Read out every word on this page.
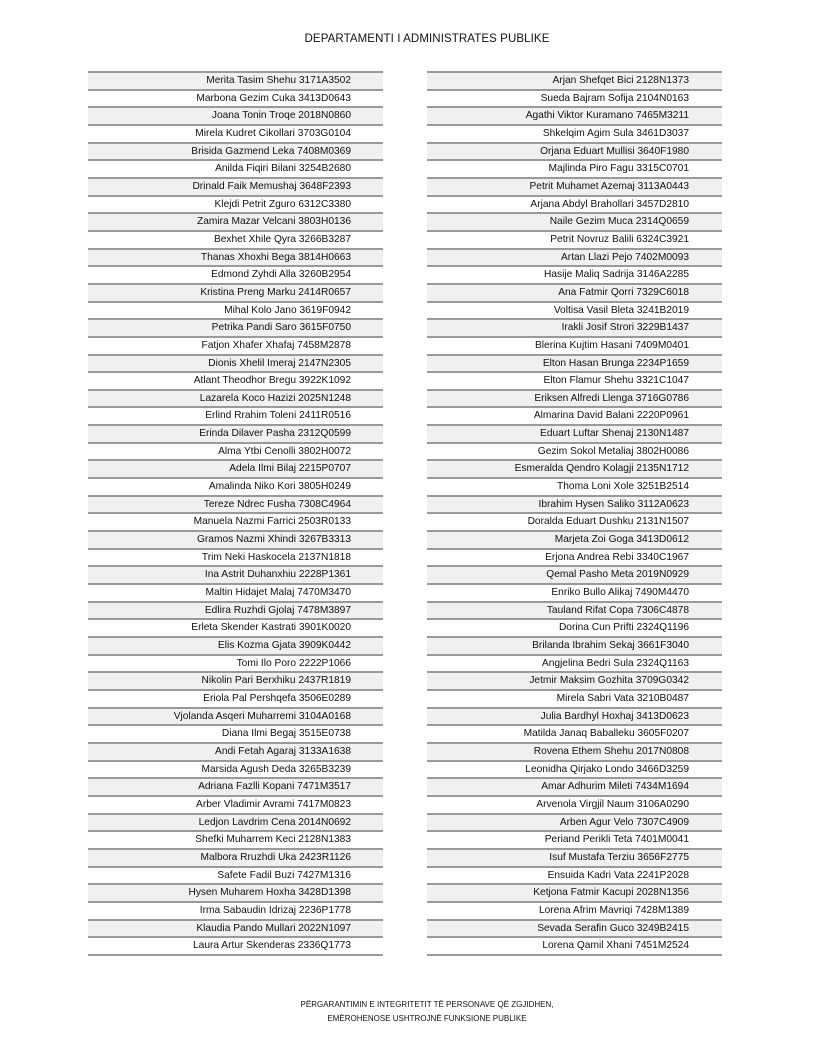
DEPARTAMENTI I ADMINISTRATES PUBLIKE
Merita Tasim Shehu 3171A3502
Marbona Gezim Cuka 3413D0643
Joana Tonin Troqe 2018N0860
Mirela Kudret Cikollari 3703G0104
Brisida Gazmend Leka 7408M0369
Anilda Fiqiri Bilani 3254B2680
Drinald Faik Memushaj 3648F2393
Klejdi Petrit Zguro 6312C3380
Zamira Mazar Velcani 3803H0136
Bexhet Xhile Qyra 3266B3287
Thanas Xhoxhi Bega 3814H0663
Edmond Zyhdi Alla 3260B2954
Kristina Preng Marku 2414R0657
Mihal Kolo Jano 3619F0942
Petrika Pandi Saro 3615F0750
Fatjon Xhafer Xhafaj 7458M2878
Dionis Xhelil Imeraj 2147N2305
Atlant Theodhor Bregu 3922K1092
Lazarela Koco Hazizi 2025N1248
Erlind Rrahim Toleni 2411R0516
Erinda Dilaver Pasha 2312Q0599
Alma Ytbi Cenolli 3802H0072
Adela Ilmi Bilaj 2215P0707
Amalinda Niko Kori 3805H0249
Tereze Ndrec Fusha 7308C4964
Manuela Nazmi Farrici 2503R0133
Gramos Nazmi Xhindi 3267B3313
Trim Neki Haskocela 2137N1818
Ina Astrit Duhanxhiu 2228P1361
Maltin Hidajet Malaj 7470M3470
Edlira Ruzhdi Gjolaj 7478M3897
Erleta Skender Kastrati 3901K0020
Elis Kozma Gjata 3909K0442
Tomi Ilo Poro 2222P1066
Nikolin Pari Berxhiku 2437R1819
Eriola Pal Pershqefa 3506E0289
Vjolanda Asqeri Muharremi 3104A0168
Diana Ilmi Begaj 3515E0738
Andi Fetah Agaraj 3133A1638
Marsida Agush Deda 3265B3239
Adriana Fazlli Kopani 7471M3517
Arber Vladimir Avrami 7417M0823
Ledjon Lavdrim Cena 2014N0692
Shefki Muharrem Keci 2128N1383
Malbora Rruzhdi Uka 2423R1126
Safete Fadil Buzi 7427M1316
Hysen Muharem Hoxha 3428D1398
Irma Sabaudin Idrizaj 2236P1778
Klaudia Pando Mullari 2022N1097
Laura Artur Skenderas 2336Q1773
Arjan Shefqet Bici 2128N1373
Sueda Bajram Sofija 2104N0163
Agathi Viktor Kuramano 7465M3211
Shkelqim Agim Sula 3461D3037
Orjana Eduart Mullisi 3640F1980
Majlinda Piro Fagu 3315C0701
Petrit Muhamet Azemaj 3113A0443
Arjana Abdyl Brahollari 3457D2810
Naile Gezim Muca 2314Q0659
Petrit Novruz Balili 6324C3921
Artan Llazi Pejo 7402M0093
Hasije Maliq Sadrija 3146A2285
Ana Fatmir Qorri 7329C6018
Voltisa Vasil Bleta 3241B2019
Irakli Josif Strori 3229B1437
Blerina Kujtim Hasani 7409M0401
Elton Hasan Brunga 2234P1659
Elton Flamur Shehu 3321C1047
Eriksen Alfredi Llenga 3716G0786
Almarina David Balani 2220P0961
Eduart Luftar Shenaj 2130N1487
Gezim Sokol Metaliaj 3802H0086
Esmeralda Qendro Kolagji 2135N1712
Thoma Loni Xole 3251B2514
Ibrahim Hysen Saliko 3112A0623
Doralda Eduart Dushku 2131N1507
Marjeta Zoi Goga 3413D0612
Erjona Andrea Rebi 3340C1967
Qemal Pasho Meta 2019N0929
Enriko Bullo Alikaj 7490M4470
Tauland Rifat Copa 7306C4878
Dorina Cun Prifti 2324Q1196
Brilanda Ibrahim Sekaj 3661F3040
Angjelina Bedri Sula 2324Q1163
Jetmir Maksim Gozhita 3709G0342
Mirela Sabri Vata 3210B0487
Julia Bardhyl Hoxhaj 3413D0623
Matilda Janaq Baballeku 3605F0207
Rovena Ethem Shehu 2017N0808
Leonidha Qirjako Londo 3466D3259
Amar Adhurim Mileti 7434M1694
Arvenola Virgjil Naum 3106A0290
Arben Agur Velo 7307C4909
Periand Perikli Teta 7401M0041
Isuf Mustafa Terziu 3656F2775
Ensuida Kadri Vata 2241P2028
Ketjona Fatmir Kacupi 2028N1356
Lorena Afrim Mavriqi 7428M1389
Sevada Serafin Guco 3249B2415
Lorena Qamil Xhani 7451M2524
PËRGARANTIMIN E INTEGRITETIT TË PERSONAVE QË ZGJIDHEN,
EMËROHENOSE USHTROJNË FUNKSIONE PUBLIKE
